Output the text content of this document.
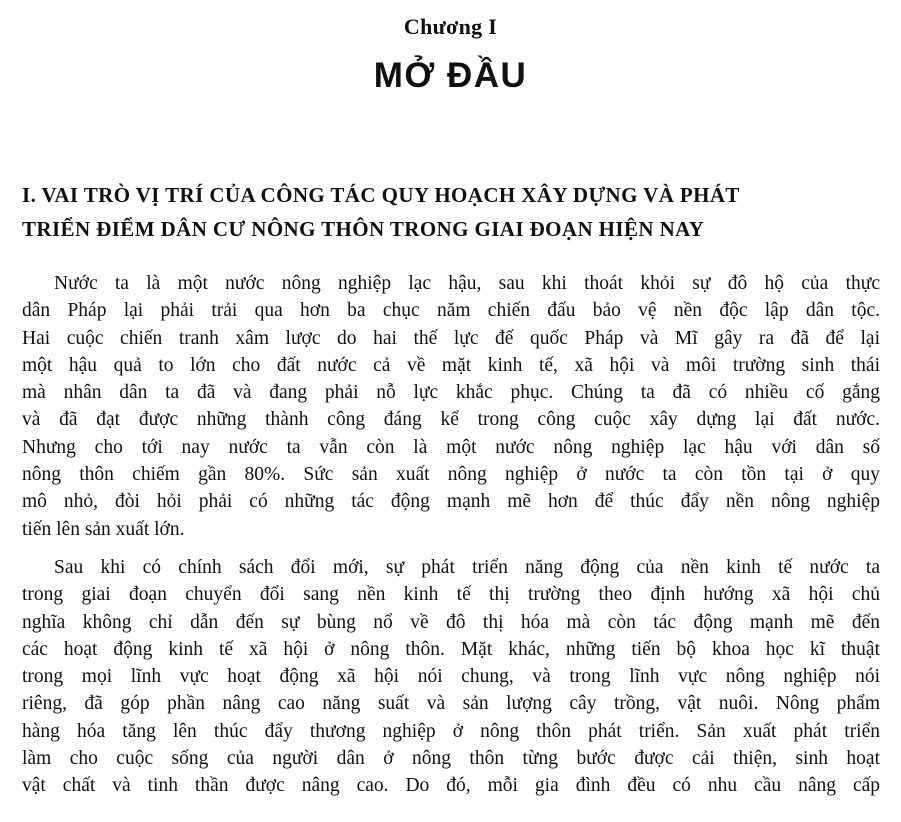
Chương I
MỞ ĐẦU
I. VAI TRÒ VỊ TRÍ CỦA CÔNG TÁC QUY HOẠCH XÂY DỰNG VÀ PHÁT
TRIỂN ĐIỂM DÂN CƯ NÔNG THÔN TRONG GIAI ĐOẠN HIỆN NAY
Nước ta là một nước nông nghiệp lạc hậu, sau khi thoát khỏi sự đô hộ của thực
dân Pháp lại phải trải qua hơn ba chục năm chiến đấu bảo vệ nền độc lập dân tộc.
Hai cuộc chiến tranh xâm lược do hai thế lực đế quốc Pháp và Mĩ gây ra đã để lại
một hậu quả to lớn cho đất nước cả về mặt kinh tế, xã hội và môi trường sinh thái
mà nhân dân ta đã và đang phải nỗ lực khắc phục. Chúng ta đã có nhiều cố gắng
và đã đạt được những thành công đáng kể trong công cuộc xây dựng lại đất nước.
Nhưng cho tới nay nước ta vẫn còn là một nước nông nghiệp lạc hậu với dân số
nông thôn chiếm gần 80%. Sức sản xuất nông nghiệp ở nước ta còn tồn tại ở quy
mô nhỏ, đòi hỏi phải có những tác động mạnh mẽ hơn để thúc đẩy nền nông nghiệp
tiến lên sản xuất lớn.
Sau khi có chính sách đổi mới, sự phát triển năng động của nền kinh tế nước ta
trong giai đoạn chuyển đổi sang nền kinh tế thị trường theo định hướng xã hội chủ
nghĩa không chỉ dẫn đến sự bùng nổ về đô thị hóa mà còn tác động mạnh mẽ đến
các hoạt động kinh tế xã hội ở nông thôn. Mặt khác, những tiến bộ khoa học kĩ thuật
trong mọi lĩnh vực hoạt động xã hội nói chung, và trong lĩnh vực nông nghiệp nói
riêng, đã góp phần nâng cao năng suất và sản lượng cây trồng, vật nuôi. Nông phẩm
hàng hóa tăng lên thúc đẩy thương nghiệp ở nông thôn phát triển. Sản xuất phát triển
làm cho cuộc sống của người dân ở nông thôn từng bước được cải thiện, sinh hoạt
vật chất và tinh thần được nâng cao. Do đó, mỗi gia đình đều có nhu cầu nâng cấp
